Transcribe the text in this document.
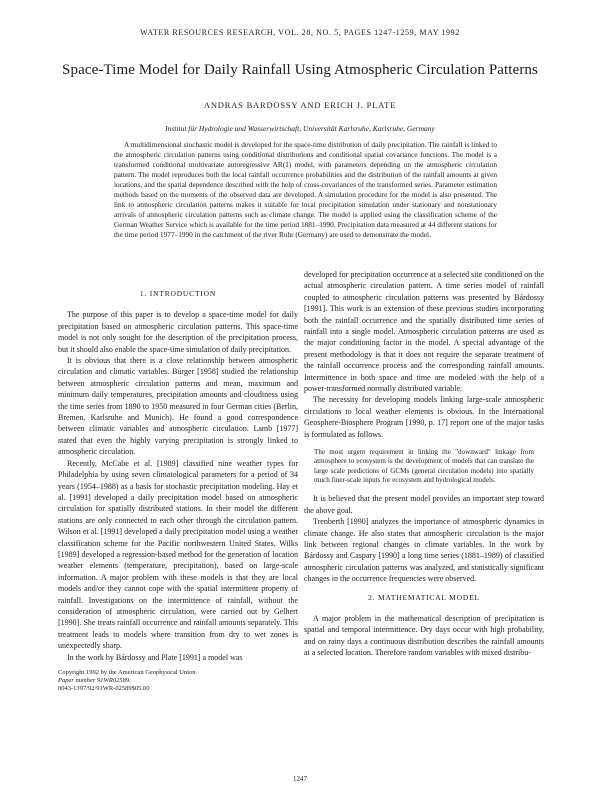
WATER RESOURCES RESEARCH, VOL. 28, NO. 5, PAGES 1247-1259, MAY 1992
Space-Time Model for Daily Rainfall Using Atmospheric Circulation Patterns
ANDRAS BARDOSSY AND ERICH J. PLATE
Institut für Hydrologie und Wasserwirtschaft, Universität Karlsruhe, Karlsruhe, Germany

A multidimensional stochastic model is developed for the space-time distribution of daily precipitation. The rainfall is linked to the atmospheric circulation patterns using conditional distributions and conditional spatial covariance functions. The model is a transformed conditional multivariate autoregressive AR(1) model, with parameters depending on the atmospheric circulation pattern. The model reproduces both the local rainfall occurrence probabilities and the distribution of the rainfall amounts at given locations, and the spatial dependence described with the help of cross-covariances of the transformed series. Parameter estimation methods based on the moments of the observed data are developed. A simulation procedure for the model is also presented. The link to atmospheric circulation patterns makes it suitable for local precipitation simulation under stationary and nonstationary arrivals of atmospheric circulation patterns such as climate change. The model is applied using the classification scheme of the German Weather Service which is available for the time period 1881–1990. Precipitation data measured at 44 different stations for the time period 1977–1990 in the catchment of the river Ruhr (Germany) are used to demonstrate the model.

1. INTRODUCTION

The purpose of this paper is to develop a space-time model for daily precipitation based on atmospheric circulation patterns. This space-time model is not only sought for the description of the precipitation process, but it should also enable the space-time simulation of daily precipitation.

It is obvious that there is a close relationship between atmospheric circulation and climatic variables. Bürger [1958] studied the relationship between atmospheric circulation patterns and mean, maximum and minimum daily temperatures, precipitation amounts and cloudiness using the time series from 1890 to 1950 measured in four German cities (Berlin, Bremen, Karlsruhe and Munich). He found a good correspondence between climatic variables and atmospheric circulation. Lamb [1977] stated that even the highly varying precipitation is strongly linked to atmospheric circulation.

Recently, McCabe et al. [1989] classified nine weather types for Philadelphia by using seven climatological parameters for a period of 34 years (1954–1988) as a basis for stochastic precipitation modeling. Hay et al. [1991] developed a daily precipitation model based on atmospheric circulation for spatially distributed stations. In their model the different stations are only connected to each other through the circulation pattern. Wilson et al. [1991] developed a daily precipitation model using a weather classification scheme for the Pacific northwestern United States. Wilks [1989] developed a regression-based method for the generation of location weather elements (temperature, precipitation), based on large-scale information. A major problem with these models is that they are local models and/or they cannot cope with the spatial intermittent property of rainfall. Investigations on the intermittence of rainfall, without the consideration of atmospheric circulation, were carried out by Gelhert [1990]. She treats rainfall occurrence and rainfall amounts separately. This treatment leads to models where transition from dry to wet zones is unexpectedly sharp.

In the work by Bárdossy and Plate [1991] a model was

Copyright 1992 by the American Geophysical Union.
Paper number 91WR02589.
0043-1397/92/91WR-02589$05.00

developed for precipitation occurrence at a selected site conditioned on the actual atmospheric circulation pattern. A time series model of rainfall coupled to atmospheric circulation patterns was presented by Bárdossy [1991]. This work is an extension of these previous studies incorporating both the rainfall occurrence and the spatially distributed time series of rainfall into a single model. Atmospheric circulation patterns are used as the major conditioning factor in the model. A special advantage of the present methodology is that it does not require the separate treatment of the rainfall occurrence process and the corresponding rainfall amounts. Intermittence in both space and time are modeled with the help of a power-transformed normally distributed variable.

The necessity for developing models linking large-scale atmospheric circulations to local weather elements is obvious. In the International Geosphere-Biosphere Program [1990, p. 17] report one of the major tasks is formulated as follows.

The most urgent requirement in linking the "downward" linkage from atmosphere to ecosystem is the development of models that can translate the large scale predictions of GCMs (general circulation models) into spatially much finer-scale inputs for ecosystem and hydrological models.

It is believed that the present model provides an important step toward the above goal.

Trenberth [1990] analyzes the importance of atmospheric dynamics in climate change. He also states that atmospheric circulation is the major link between regional changes in climate variables. In the work by Bárdossy and Caspary [1990] a long time series (1881–1989) of classified atmospheric circulation patterns was analyzed, and statistically significant changes in the occurrence frequencies were observed.

2. MATHEMATICAL MODEL

A major problem in the mathematical description of precipitation is spatial and temporal intermittence. Dry days occur with high probability, and on rainy days a continuous distribution describes the rainfall amounts at a selected location. Therefore random variables with mixed distribu-

1247
